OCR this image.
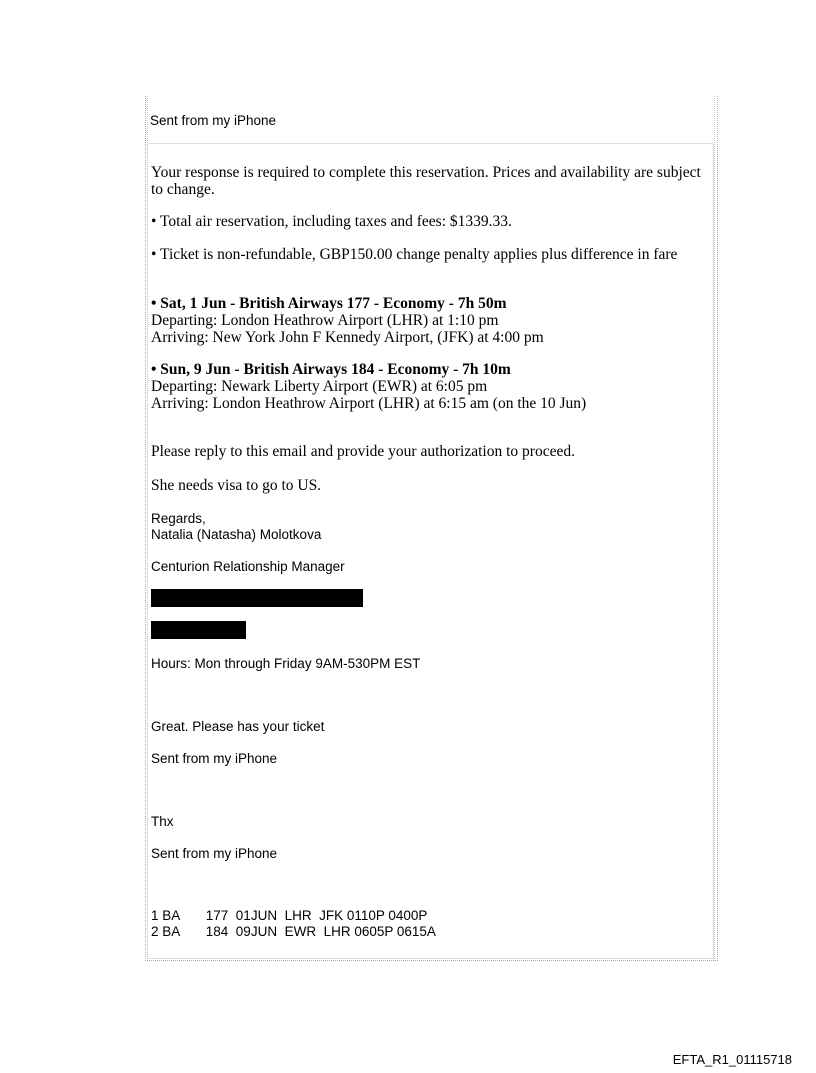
Sent from my iPhone
Your response is required to complete this reservation. Prices and availability are subject to change.
• Total air reservation, including taxes and fees: $1339.33.
• Ticket is non-refundable, GBP150.00 change penalty applies plus difference in fare
• Sat, 1 Jun - British Airways 177 - Economy - 7h 50m
Departing: London Heathrow Airport (LHR) at 1:10 pm
Arriving: New York John F Kennedy Airport, (JFK) at 4:00 pm
• Sun, 9 Jun - British Airways 184 - Economy - 7h 10m
Departing: Newark Liberty Airport (EWR) at 6:05 pm
Arriving: London Heathrow Airport (LHR) at 6:15 am (on the 10 Jun)
Please reply to this email and provide your authorization to proceed.
She needs visa to go to US.
Regards,
Natalia (Natasha) Molotkova
Centurion Relationship Manager
Hours: Mon through Friday 9AM-530PM EST
Great. Please has your ticket
Sent from my iPhone
Thx
Sent from my iPhone
1 BA       177  01JUN  LHR  JFK 0110P 0400P
2 BA       184  09JUN  EWR  LHR 0605P 0615A
EFTA_R1_01115718
